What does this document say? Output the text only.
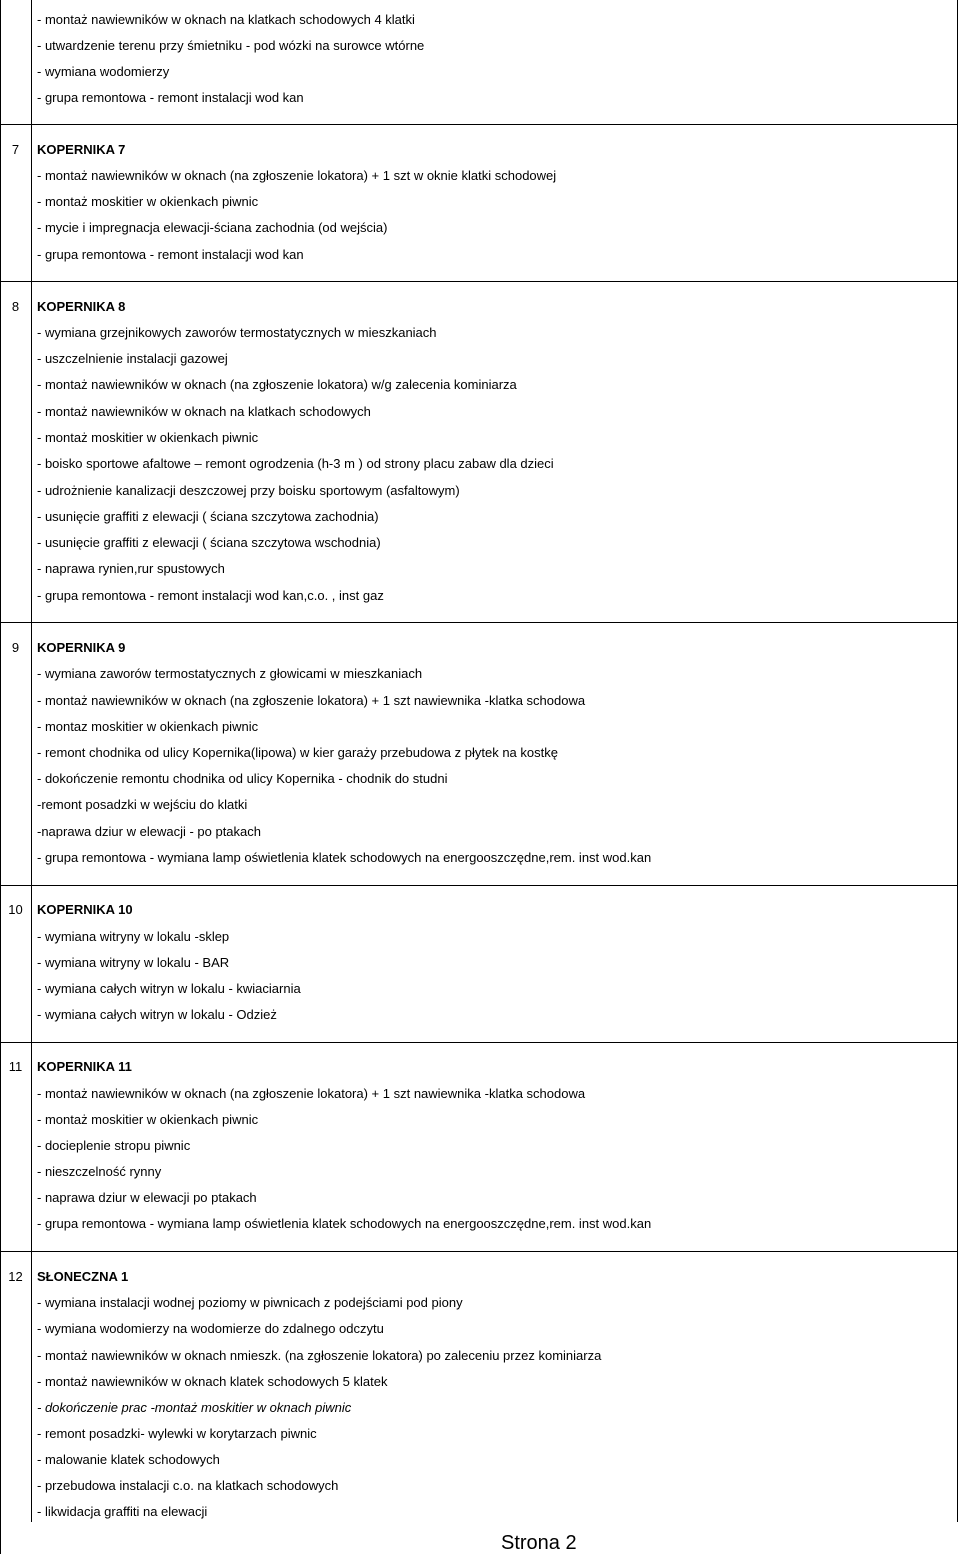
- montaż nawiewników w oknach na klatkach schodowych 4 klatki
- utwardzenie terenu przy śmietniku - pod wózki na surowce wtórne
- wymiana wodomierzy
- grupa remontowa - remont instalacji wod kan
7	KOPERNIKA 7
- montaż nawiewników w oknach (na zgłoszenie lokatora) + 1 szt w oknie klatki schodowej
- montaż moskitier w okienkach piwnic
- mycie i impregnacja elewacji-ściana zachodnia (od wejścia)
- grupa remontowa - remont instalacji wod kan
8	KOPERNIKA 8
- wymiana grzejnikowych zaworów termostatycznych w mieszkaniach
- uszczelnienie instalacji gazowej
- montaż nawiewników w oknach (na zgłoszenie lokatora) w/g zalecenia kominiarza
- montaż nawiewników w oknach na klatkach schodowych
- montaż moskitier w okienkach piwnic
- boisko sportowe afaltowe – remont ogrodzenia (h-3 m ) od strony placu zabaw dla dzieci
- udrożnienie kanalizacji deszczowej przy boisku sportowym (asfaltowym)
- usunięcie graffiti z elewacji ( ściana szczytowa zachodnia)
- usunięcie graffiti z elewacji ( ściana szczytowa wschodnia)
- naprawa rynien,rur spustowych
- grupa remontowa - remont instalacji wod kan,c.o. , inst gaz
9	KOPERNIKA 9
- wymiana zaworów termostatycznych z głowicami w mieszkaniach
- montaż nawiewników w oknach (na zgłoszenie lokatora) + 1 szt nawiewnika -klatka schodowa
- montaz moskitier w okienkach piwnic
- remont chodnika od ulicy Kopernika(lipowa) w kier garaży przebudowa z płytek na kostkę
- dokończenie remontu chodnika od ulicy Kopernika - chodnik do studni
-remont posadzki w wejściu do klatki
-naprawa dziur w elewacji - po ptakach
- grupa remontowa - wymiana lamp oświetlenia klatek schodowych na energooszczędne,rem. inst wod.kan
10	KOPERNIKA 10
- wymiana witryny w lokalu -sklep
- wymiana witryny w lokalu - BAR
- wymiana całych witryn w lokalu - kwiaciarnia
- wymiana całych witryn w lokalu - Odzież
11	KOPERNIKA 11
- montaż nawiewników w oknach (na zgłoszenie lokatora) + 1 szt nawiewnika -klatka schodowa
- montaż moskitier w okienkach piwnic
- docieplenie stropu piwnic
- nieszczelność rynny
- naprawa dziur w elewacji po ptakach
- grupa remontowa - wymiana lamp oświetlenia klatek schodowych na energooszczędne,rem. inst wod.kan
12	SŁONECZNA 1
- wymiana instalacji wodnej poziomy w piwnicach z podejściami pod piony
- wymiana wodomierzy na wodomierze do zdalnego odczytu
- montaż nawiewników w oknach nmieszk. (na zgłoszenie lokatora) po zaleceniu przez kominiarza
- montaż nawiewników w oknach klatek schodowych 5 klatek
- dokończenie prac -montaż moskitier w oknach piwnic
- remont posadzki- wylewki w korytarzach piwnic
- malowanie klatek schodowych
- przebudowa instalacji c.o. na klatkach schodowych
- likwidacja graffiti na elewacji
Strona 2
